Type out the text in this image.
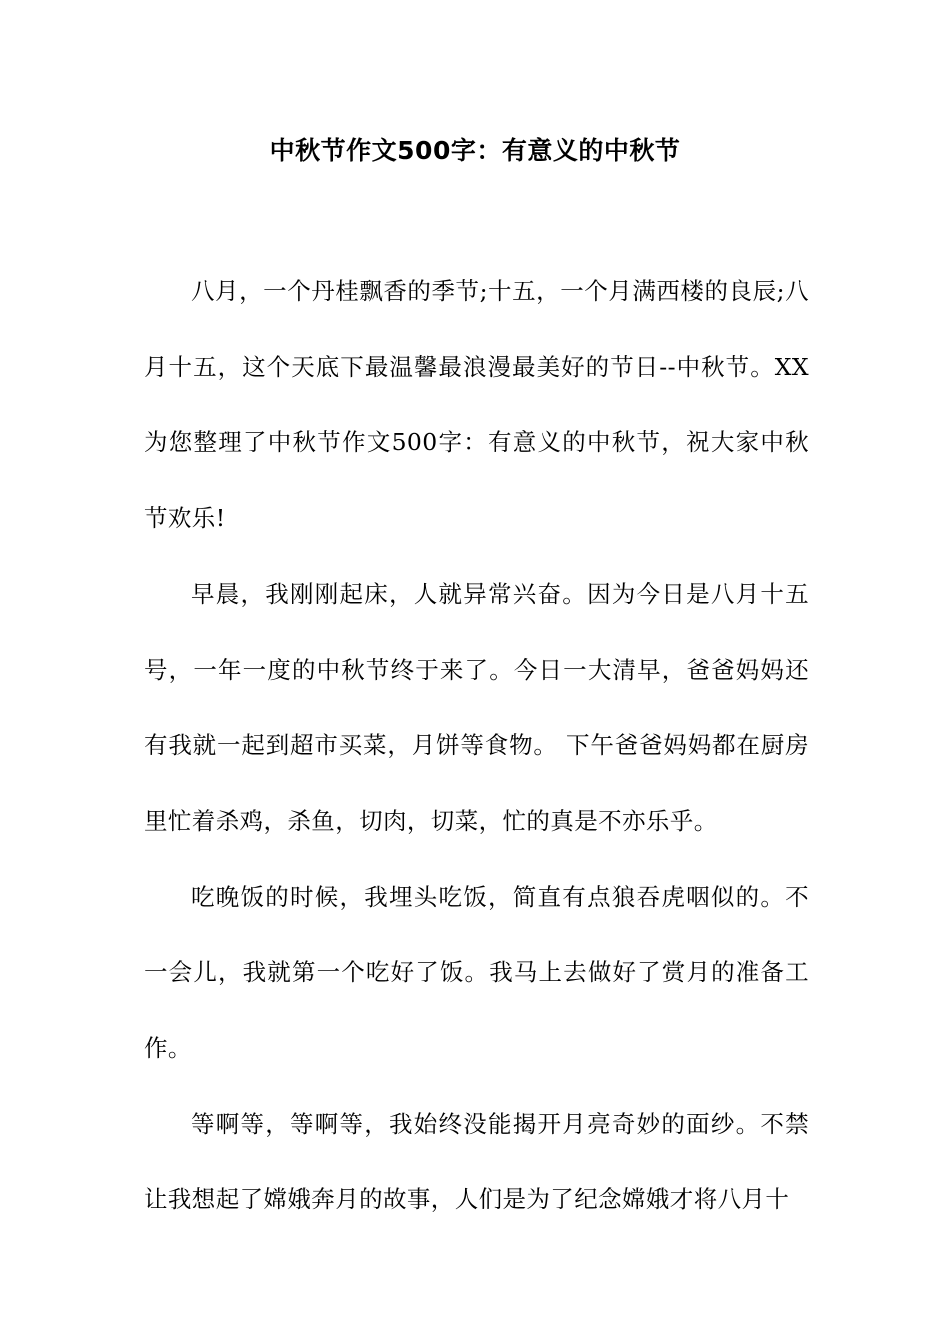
中秋节作文500字：有意义的中秋节

八月，一个丹桂飘香的季节;十五，一个月满西楼的良辰;八月十五，这个天底下最温馨最浪漫最美好的节日--中秋节。XX为您整理了中秋节作文500字：有意义的中秋节，祝大家中秋节欢乐!

早晨，我刚刚起床，人就异常兴奋。因为今日是八月十五号，一年一度的中秋节终于来了。今日一大清早，爸爸妈妈还有我就一起到超市买菜，月饼等食物。 下午爸爸妈妈都在厨房里忙着杀鸡，杀鱼，切肉，切菜，忙的真是不亦乐乎。

吃晚饭的时候，我埋头吃饭，简直有点狼吞虎咽似的。不一会儿，我就第一个吃好了饭。我马上去做好了赏月的准备工作。

等啊等，等啊等，我始终没能揭开月亮奇妙的面纱。不禁让我想起了嫦娥奔月的故事，人们是为了纪念嫦娥才将八月十
